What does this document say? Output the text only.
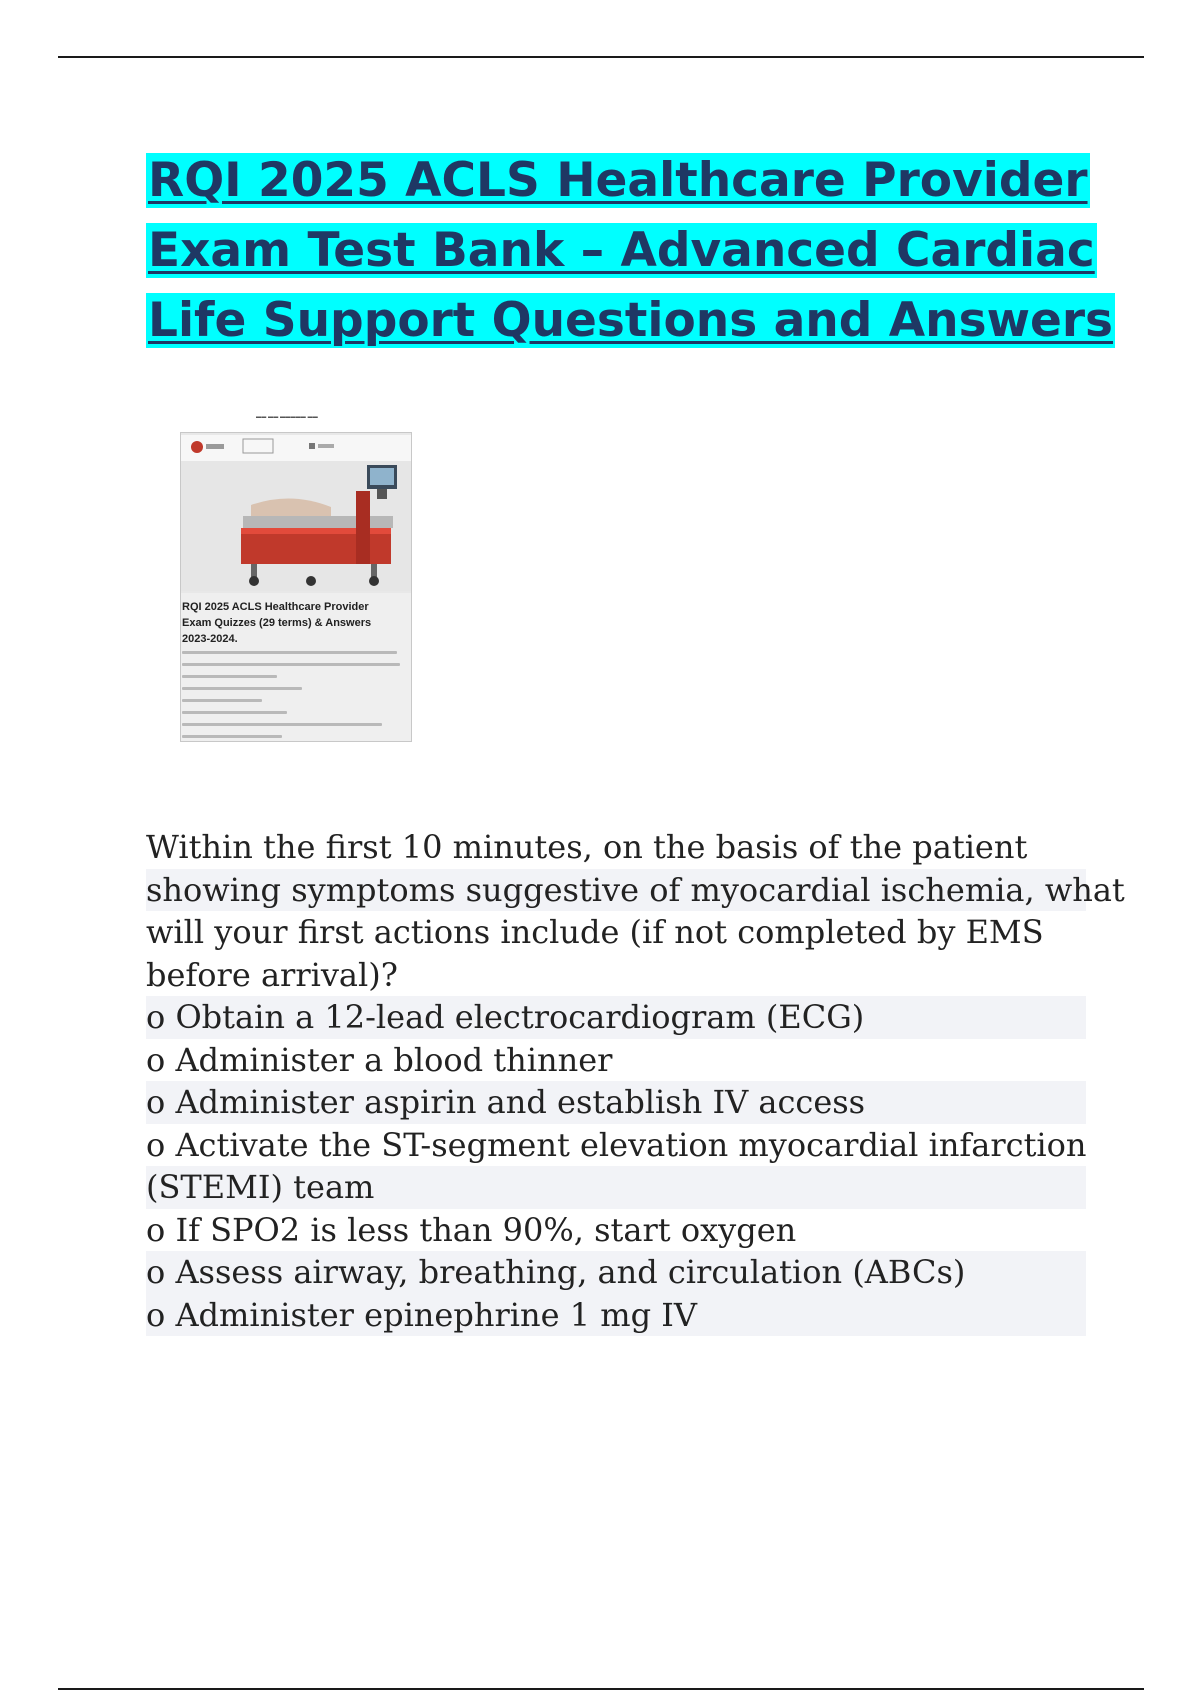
RQI 2025 ACLS Healthcare Provider
Exam Test Bank – Advanced Cardiac
Life Support Questions and Answers
▬▬ ▬▬ ▬▬▬▬▬ ▬▬
RQI 2025 ACLS Healthcare Provider
Exam Quizzes (29 terms) & Answers
2023-2024.
Within the first 10 minutes, on the basis of the patient
showing symptoms suggestive of myocardial ischemia, what
will your first actions include (if not completed by EMS
before arrival)?
o Obtain a 12-lead electrocardiogram (ECG)
o Administer a blood thinner
o Administer aspirin and establish IV access
o Activate the ST-segment elevation myocardial infarction
(STEMI) team
o If SPO2 is less than 90%, start oxygen
o Assess airway, breathing, and circulation (ABCs)
o Administer epinephrine 1 mg IV
